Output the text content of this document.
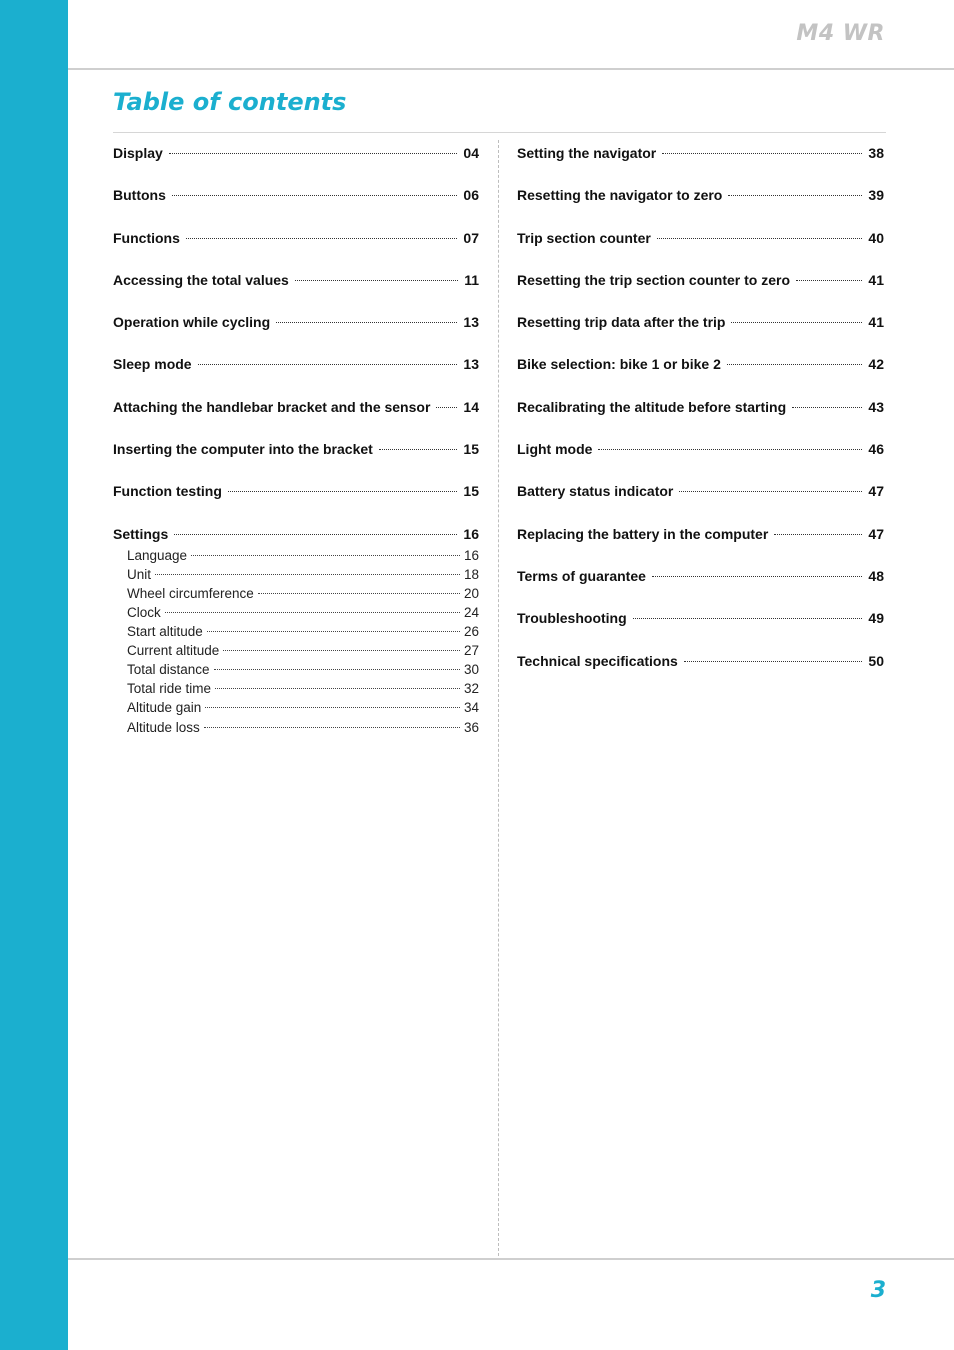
M4 WR
Table of contents
Display	04
Buttons	06
Functions	07
Accessing the total values	11
Operation while cycling	13
Sleep mode	13
Attaching the handlebar bracket and the sensor 14
Inserting the computer into the bracket	15
Function testing	15
Settings	16
Language	16
Unit	18
Wheel circumference	20
Clock	24
Start altitude	26
Current altitude	27
Total distance	30
Total ride time	32
Altitude gain	34
Altitude loss	36
Setting the navigator	38
Resetting the navigator to zero	39
Trip section counter	40
Resetting the trip section counter to zero	41
Resetting trip data after the trip	41
Bike selection: bike 1 or bike 2	42
Recalibrating the altitude before starting	43
Light mode	46
Battery status indicator	47
Replacing the battery in the computer	47
Terms of guarantee	48
Troubleshooting	49
Technical specifications	50
3
